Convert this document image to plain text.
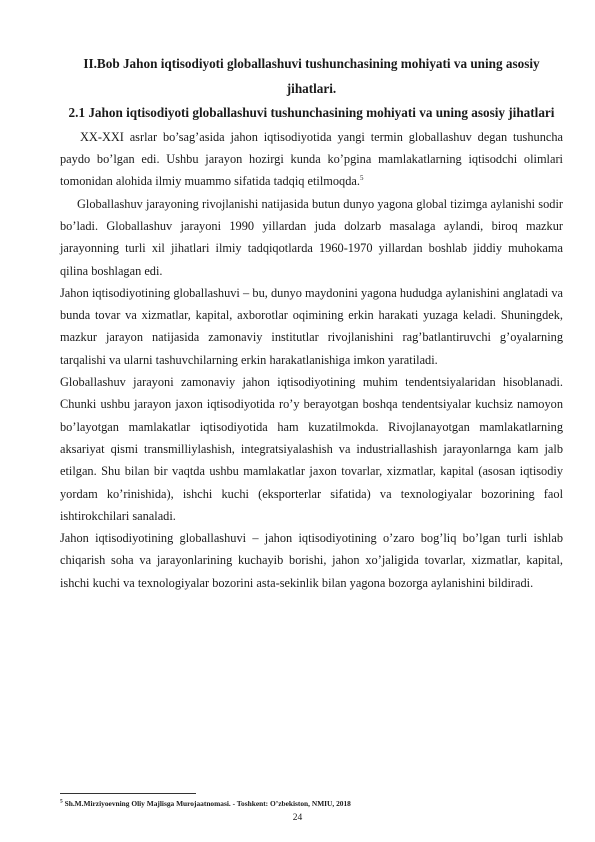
II.Bob Jahon iqtisodiyoti globallashuvi tushunchasining mohiyati va uning asosiy jihatlari.
2.1 Jahon iqtisodiyoti globallashuvi tushunchasining mohiyati va uning asosiy jihatlari

XX-XXI asrlar bo’sag’asida jahon iqtisodiyotida yangi termin globallashuv degan tushuncha paydo bo’lgan edi. Ushbu jarayon hozirgi kunda ko’pgina mamlakatlarning iqtisodchi olimlari tomonidan alohida ilmiy muammo sifatida tadqiq etilmoqda.$^5$

Globallashuv jarayoning rivojlanishi natijasida butun dunyo yagona global tizimga aylanishi sodir bo’ladi. Globallashuv jarayoni 1990 yillardan juda dolzarb masalaga aylandi, biroq mazkur jarayonning turli xil jihatlari ilmiy tadqiqotlarda 1960-1970 yillardan boshlab jiddiy muhokama qilina boshlagan edi.

Jahon iqtisodiyotining globallashuvi – bu, dunyo maydonini yagona hududga aylanishini anglatadi va bunda tovar va xizmatlar, kapital, axborotlar oqimining erkin harakati yuzaga keladi. Shuningdek, mazkur jarayon natijasida zamonaviy institutlar rivojlanishini rag’batlantiruvchi g’oyalarning tarqalishi va ularni tashuvchilarning erkin harakatlanishiga imkon yaratiladi.

Globallashuv jarayoni zamonaviy jahon iqtisodiyotining muhim tendentsiyalaridan hisoblanadi. Chunki ushbu jarayon jaxon iqtisodiyotida ro’y berayotgan boshqa tendentsiyalar kuchsiz namoyon bo’layotgan mamlakatlar iqtisodiyotida ham kuzatilmokda. Rivojlanayotgan mamlakatlarning aksariyat qismi transmilliylashish, integratsiyalashish va industriallashish jarayonlarnga kam jalb etilgan. Shu bilan bir vaqtda ushbu mamlakatlar jaxon tovarlar, xizmatlar, kapital (asosan iqtisodiy yordam ko’rinishida), ishchi kuchi (eksporterlar sifatida) va texnologiyalar bozorining faol ishtirokchilari sanaladi.

Jahon iqtisodiyotining globallashuvi – jahon iqtisodiyotining o’zaro bog’liq bo’lgan turli ishlab chiqarish soha va jarayonlarining kuchayib borishi, jahon xo’jaligida tovarlar, xizmatlar, kapital, ishchi kuchi va texnologiyalar bozorini asta-sekinlik bilan yagona bozorga aylanishini bildiradi.

$^5$ Sh.M.Mirziyoevning Oliy Majlisga Murojaatnomasi. - Toshkent: O’zbekiston, NMIU, 2018
24
